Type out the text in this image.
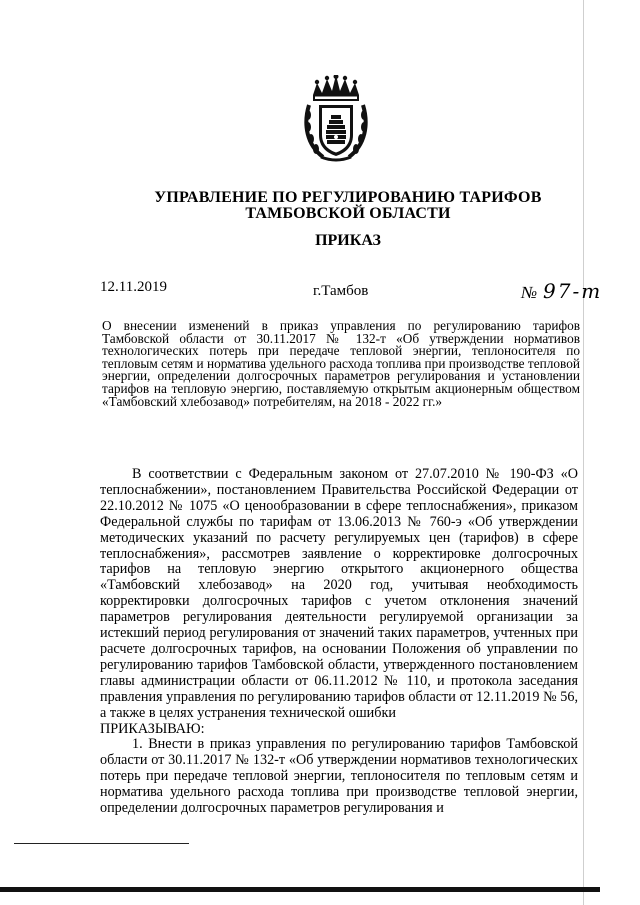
УПРАВЛЕНИЕ ПО РЕГУЛИРОВАНИЮ ТАРИФОВ
ТАМБОВСКОЙ ОБЛАСТИ
ПРИКАЗ
12.11.2019	г.Тамбов	№ 97-т
О внесении изменений в приказ управления по регулированию тарифов Тамбовской области от 30.11.2017 № 132-т «Об утверждении нормативов технологических потерь при передаче тепловой энергии, теплоносителя по тепловым сетям и норматива удельного расхода топлива при производстве тепловой энергии, определении долгосрочных параметров регулирования и установлении тарифов на тепловую энергию, поставляемую открытым акционерным обществом «Тамбовский хлебозавод» потребителям, на 2018 - 2022 гг.»

В соответствии с Федеральным законом от 27.07.2010 № 190-ФЗ «О теплоснабжении», постановлением Правительства Российской Федерации от 22.10.2012 № 1075 «О ценообразовании в сфере теплоснабжения», приказом Федеральной службы по тарифам от 13.06.2013 № 760-э «Об утверждении методических указаний по расчету регулируемых цен (тарифов) в сфере теплоснабжения», рассмотрев заявление о корректировке долгосрочных тарифов на тепловую энергию открытого акционерного общества «Тамбовский хлебозавод» на 2020 год, учитывая необходимость корректировки долгосрочных тарифов с учетом отклонения значений параметров регулирования деятельности регулируемой организации за истекший период регулирования от значений таких параметров, учтенных при расчете долгосрочных тарифов, на основании Положения об управлении по регулированию тарифов Тамбовской области, утвержденного постановлением главы администрации области от 06.11.2012 № 110, и протокола заседания правления управления по регулированию тарифов области от 12.11.2019 № 56, а также в целях устранения технической ошибки

ПРИКАЗЫВАЮ:

1. Внести в приказ управления по регулированию тарифов Тамбовской области от 30.11.2017 № 132-т «Об утверждении нормативов технологических потерь при передаче тепловой энергии, теплоносителя по тепловым сетям и норматива удельного расхода топлива при производстве тепловой энергии, определении долгосрочных параметров регулирования и
